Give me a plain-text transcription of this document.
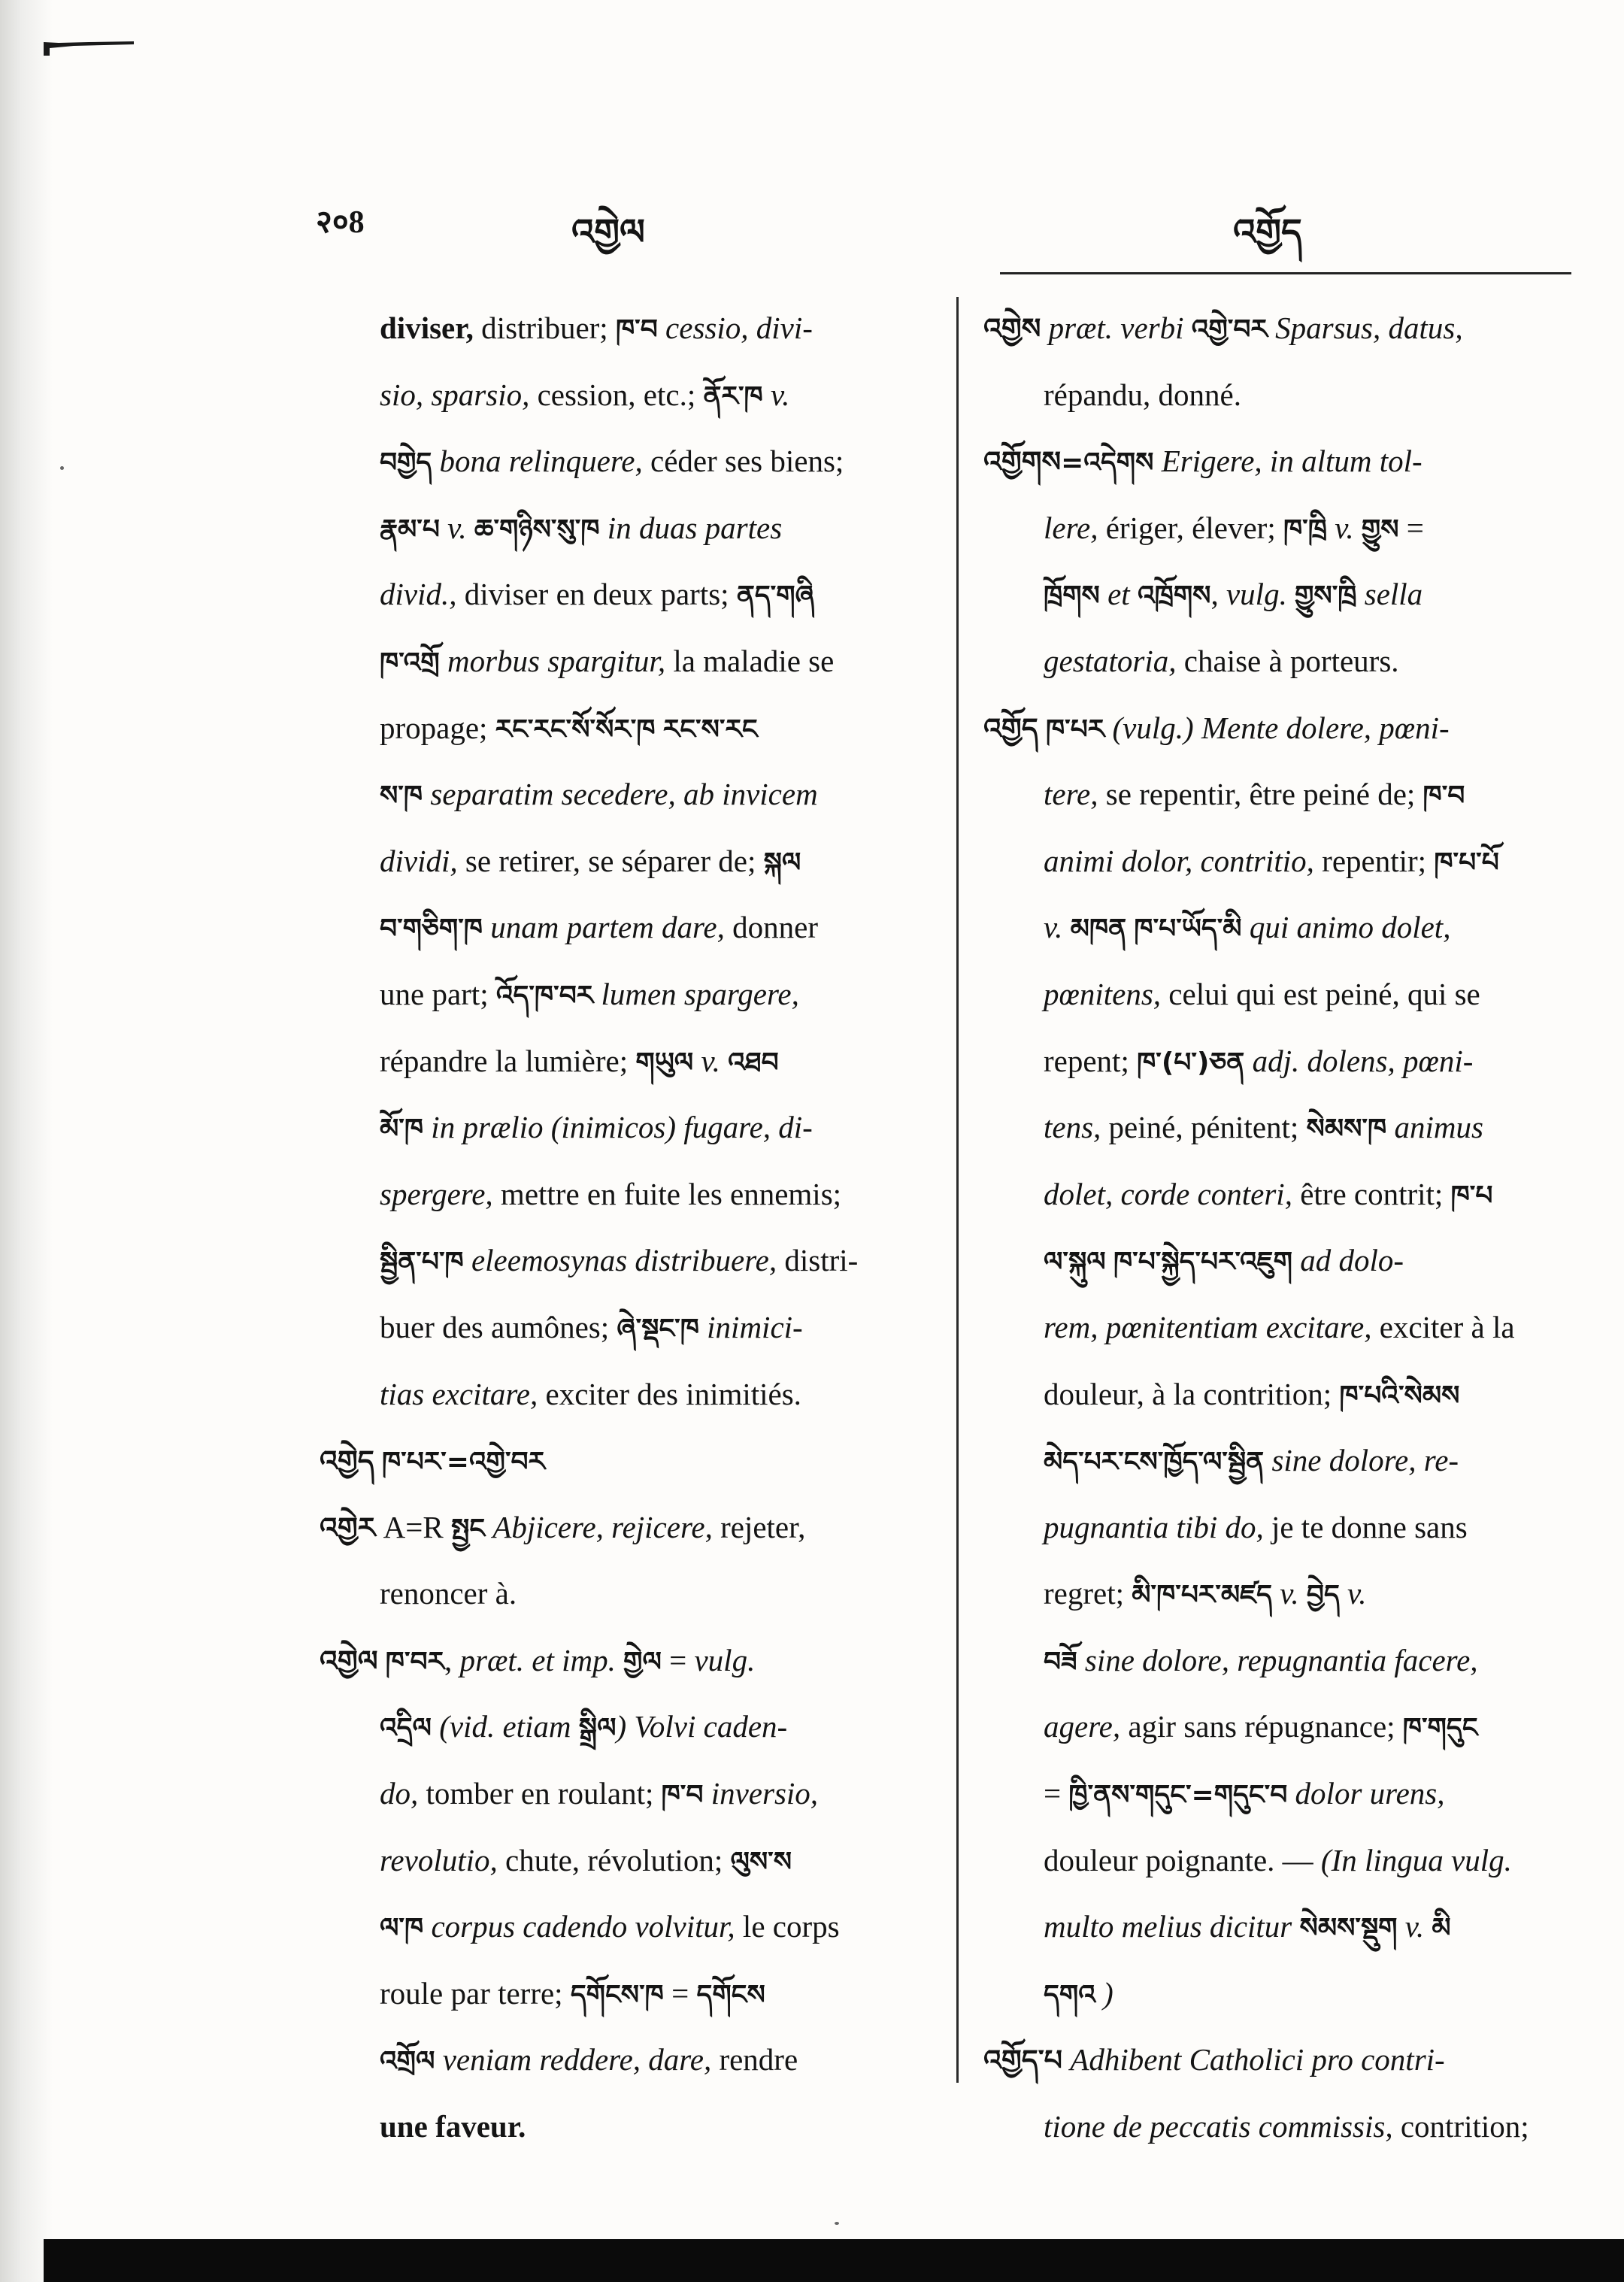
२०8	འགྱེལ	འགྱོད
diviser, distribuer; ཁ་བ cessio, divi-
sio, sparsio, cession, etc.; ནོར་ཁ v.
བགྱེད bona relinquere, céder ses biens;
རྣམ་པ v. ཆ་གཉིས་སུ་ཁ in duas partes
divid., diviser en deux parts; ནད་གཞི
ཁ་འགྲོ morbus spargitur, la maladie se
propage; རང་རང་སོ་སོར་ཁ རང་ས་རང
ས་ཁ separatim secedere, ab invicem
dividi, se retirer, se séparer de; སྐལ
བ་གཅིག་ཁ unam partem dare, donner
une part; འོད་ཁ་བར lumen spargere,
répandre la lumière; གཡུལ v. འཐབ
མོ་ཁ in prælio (inimicos) fugare, di-
spergere, mettre en fuite les ennemis;
སྦྱིན་པ་ཁ eleemosynas distribuere, distri-
buer des aumônes; ཞེ་སྡང་ཁ inimici-
tias excitare, exciter des inimitiés.
འགྱེད ཁ་པར་=འགྱེ་བར
འགྱེར A=R སྤྱང Abjicere, rejicere, rejeter,
renoncer à.
འགྱེལ ཁ་བར, præt. et imp. གྱེལ = vulg.
འདྲིལ (vid. etiam སྒྲིལ) Volvi caden-
do, tomber en roulant; ཁ་བ inversio,
revolutio, chute, révolution; ལུས་ས
ལ་ཁ corpus cadendo volvitur, le corps
roule par terre; དགོངས་ཁ = དགོངས
འགྲོལ veniam reddere, dare, rendre
une faveur.
འགྱེས præt. verbi འགྱེ་བར Sparsus, datus,
répandu, donné.
འགྱོགས=འདེགས Erigere, in altum tol-
lere, ériger, élever; ཁ་ཁྲི v. གྱུས =
ཁྲོགས et འཁྲོགས, vulg. གྱུས་ཁྲི sella
gestatoria, chaise à porteurs.
འགྱོད ཁ་པར (vulg.) Mente dolere, pœni-
tere, se repentir, être peiné de; ཁ་བ
animi dolor, contritio, repentir; ཁ་པ་པོ
v. མཁན ཁ་པ་ཡོད་མི qui animo dolet,
pœnitens, celui qui est peiné, qui se
repent; ཁ་(པ་)ཅན adj. dolens, pœni-
tens, peiné, pénitent; སེམས་ཁ animus
dolet, corde conteri, être contrit; ཁ་པ
ལ་སྐུལ ཁ་པ་སྐྱེད་པར་འཇུག ad dolo-
rem, pœnitentiam excitare, exciter à la
douleur, à la contrition; ཁ་པའི་སེམས
མེད་པར་ངས་ཁྱོད་ལ་སྦྱིན sine dolore, re-
pugnantia tibi do, je te donne sans
regret; མི་ཁ་པར་མཛད v. བྱེད v.
བཟོ sine dolore, repugnantia facere,
agere, agir sans répugnance; ཁ་གདུང
= ཁྱི་ནས་གདུང་=གདུང་བ dolor urens,
douleur poignante. — (In lingua vulg.
multo melius dicitur སེམས་སྡུག v. མི
དགའ )
འགྱོད་པ Adhibent Catholici pro contri-
tione de peccatis commissis, contrition;
